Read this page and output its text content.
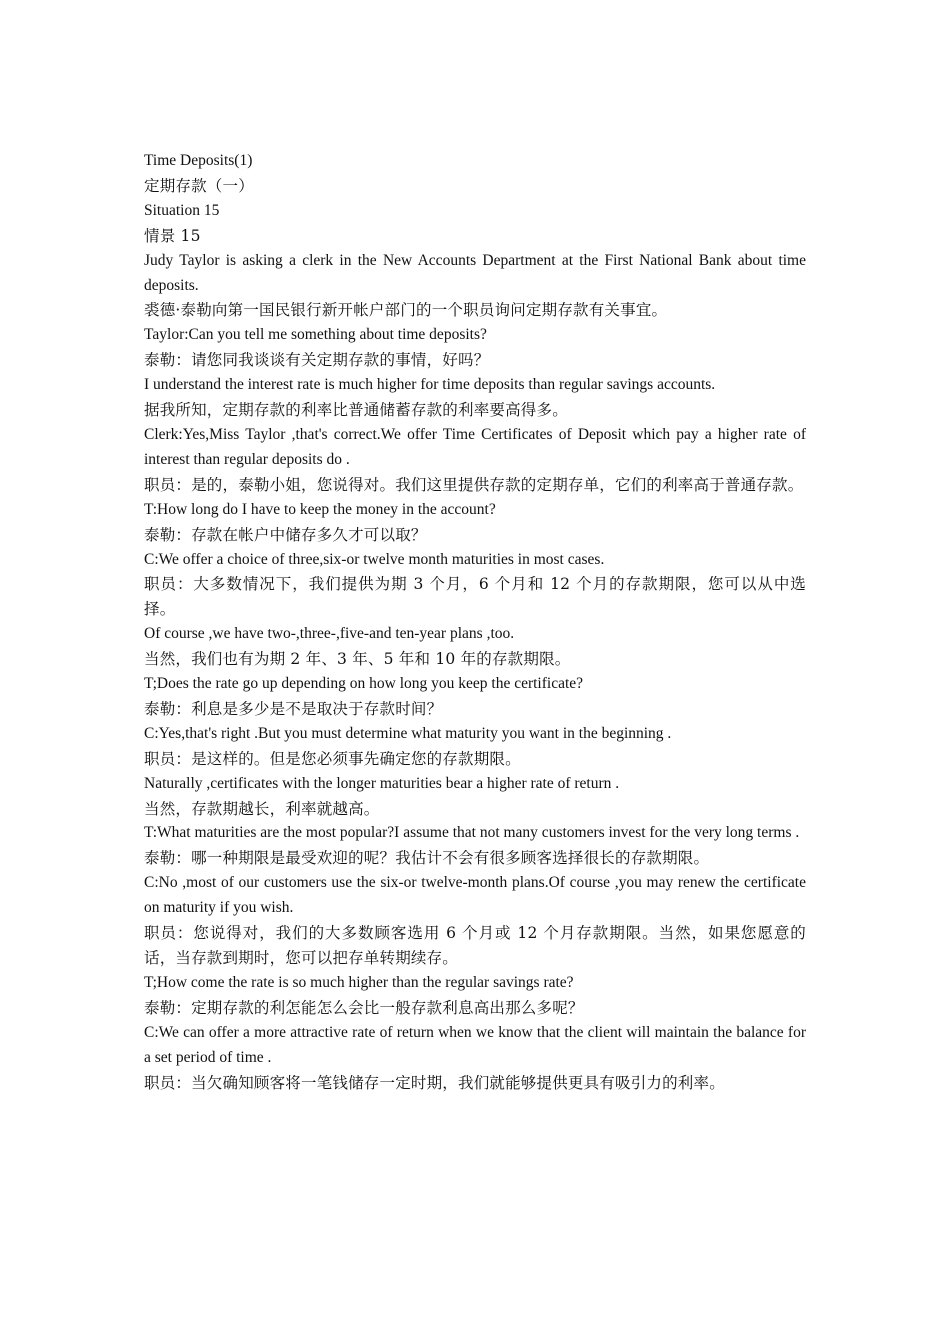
Time Deposits(1)

定期存款（一）

Situation 15

情景 15

Judy Taylor is asking a clerk in the New Accounts Department at the First National Bank about time deposits.

裘德·泰勒向第一国民银行新开帐户部门的一个职员询问定期存款有关事宜。

Taylor:Can you tell me something about time deposits?

泰勒：请您同我谈谈有关定期存款的事情，好吗？

I understand the interest rate is much higher for time deposits than regular savings accounts.

据我所知，定期存款的利率比普通储蓄存款的利率要高得多。

Clerk:Yes,Miss Taylor ,that's correct.We offer Time Certificates of Deposit which pay a higher rate of interest than regular deposits do .

职员：是的，泰勒小姐，您说得对。我们这里提供存款的定期存单，它们的利率高于普通存款。

T:How long do I have to keep the money in the account?

泰勒：存款在帐户中储存多久才可以取？

C:We offer a choice of three,six-or twelve month maturities in most cases.

职员：大多数情况下，我们提供为期 3 个月，6 个月和 12 个月的存款期限，您可以从中选择。

Of course ,we have two-,three-,five-and ten-year plans ,too.

当然，我们也有为期 2 年、3 年、5 年和 10 年的存款期限。

T;Does the rate go up depending on how long you keep the certificate?

泰勒：利息是多少是不是取决于存款时间？

C:Yes,that's right .But you must determine what maturity you want in the beginning .

职员：是这样的。但是您必须事先确定您的存款期限。

Naturally ,certificates with the longer maturities bear a higher rate of return .

当然，存款期越长，利率就越高。

T:What maturities are the most popular?I assume that not many customers invest for the very long terms .

泰勒：哪一种期限是最受欢迎的呢？我估计不会有很多顾客选择很长的存款期限。

C:No ,most of our customers use the six-or twelve-month plans.Of course ,you may renew the certificate on maturity if you wish.

职员：您说得对，我们的大多数顾客选用 6 个月或 12 个月存款期限。当然，如果您愿意的话，当存款到期时，您可以把存单转期续存。

T;How come the rate is so much higher than the regular savings rate?

泰勒：定期存款的利怎能怎么会比一般存款利息高出那么多呢？

C:We can offer a more attractive rate of return when we know that the client will maintain the balance for a set period of time .

职员：当欠确知顾客将一笔钱储存一定时期，我们就能够提供更具有吸引力的利率。
